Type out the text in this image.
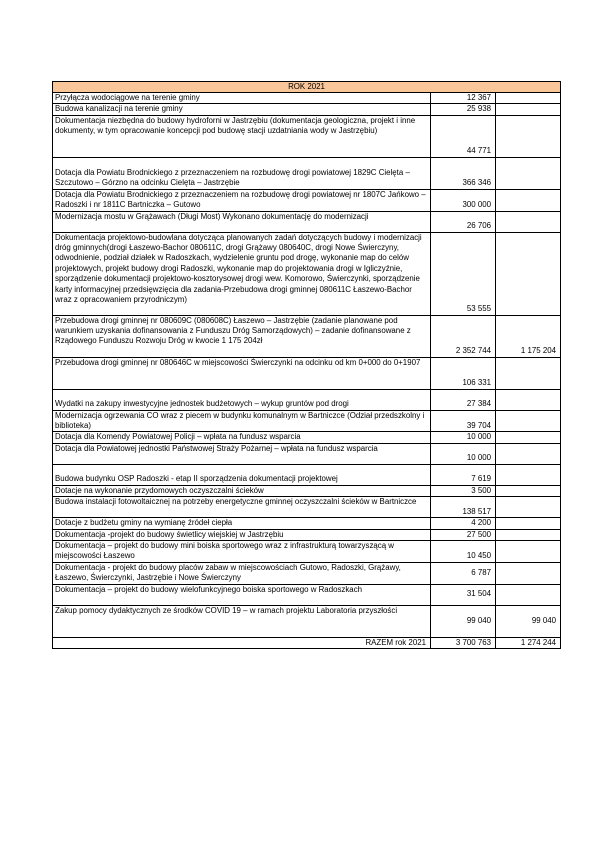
ROK 2021		
Przyłącza wodociągowe na terenie gminy	12 367	
Budowa kanalizacji na terenie gminy	25 938	
Dokumentacja niezbędna do budowy hydroforni w Jastrzębiu (dokumentacja geologiczna, projekt i inne dokumenty, w tym opracowanie koncepcji pod budowę stacji uzdatniania wody w Jastrzębiu)	44 771	
Dotacja dla Powiatu Brodnickiego z przeznaczeniem na rozbudowę drogi powiatowej 1829C Cielęta – Szczutowo – Górzno na odcinku Cielęta – Jastrzębie	366 346	
Dotacja dla Powiatu Brodnickiego z przeznaczeniem na rozbudowę drogi powiatowej nr 1807C Jańkowo – Radoszki i nr 1811C Bartniczka – Gutowo	300 000	
Modernizacja mostu w Grążawach (Długi Most) Wykonano dokumentację do modernizacji	26 706	
Dokumentacja projektowo-budowlana dotycząca planowanych zadań dotyczących budowy i modernizacji dróg gminnych(drogi Łaszewo-Bachor 080611C, drogi Grążawy 080640C, drogi Nowe Świerczyny, odwodnienie, podział działek w Radoszkach, wydzielenie gruntu pod drogę, wykonanie map do celów projektowych, projekt budowy drogi Radoszki, wykonanie map do projektowania drogi w Igliczyźnie, sporządzenie dokumentacji projektowo-kosztorysowej drogi wew. Komorowo, Świerczynki, sporządzenie karty informacyjnej przedsięwzięcia dla zadania-Przebudowa drogi gminnej 080611C Łaszewo-Bachor wraz z opracowaniem przyrodniczym)	53 555	
Przebudowa drogi gminnej nr 080609C (080608C) Łaszewo – Jastrzębie (zadanie planowane pod warunkiem uzyskania dofinansowania z Funduszu Dróg Samorządowych) – zadanie dofinansowane z Rządowego Funduszu Rozwoju Dróg w kwocie 1 175 204zł	2 352 744	1 175 204
Przebudowa drogi gminnej nr 080646C w miejscowości Świerczynki na odcinku od km 0+000 do 0+1907	106 331	
Wydatki na zakupy inwestycyjne jednostek budżetowych – wykup gruntów pod drogi	27 384	
Modernizacja ogrzewania CO wraz z piecem w budynku komunalnym w Bartniczce (Odział przedszkolny i biblioteka)	39 704	
Dotacja dla Komendy Powiatowej Policji – wpłata na fundusz wsparcia	10 000	
Dotacja dla Powiatowej jednostki Państwowej Straży Pożarnej – wpłata na fundusz wsparcia	10 000	
Budowa budynku OSP Radoszki - etap II sporządzenia dokumentacji projektowej	7 619	
Dotacje na wykonanie przydomowych oczyszczalni ścieków	3 500	
Budowa instalacji fotowoltaicznej na potrzeby energetyczne gminnej oczyszczalni ścieków w Bartniczce	138 517	
Dotacje z budżetu gminy na wymianę źródeł ciepła	4 200	
Dokumentacja -projekt do budowy świetlicy wiejskiej w Jastrzębiu	27 500	
Dokumentacja – projekt do budowy mini boiska sportowego wraz z infrastrukturą towarzyszącą w miejscowości Łaszewo	10 450	
Dokumentacja - projekt do budowy placów zabaw w miejscowościach Gutowo, Radoszki, Grążawy, Łaszewo, Świerczynki, Jastrzębie i Nowe Świerczyny	6 787	
Dokumentacja – projekt do budowy wielofunkcyjnego boiska sportowego w Radoszkach	31 504	
Zakup pomocy dydaktycznych ze środków COVID 19 – w ramach projektu Laboratoria przyszłości	99 040	99 040
RAZEM rok 2021	3 700 763	1 274 244
